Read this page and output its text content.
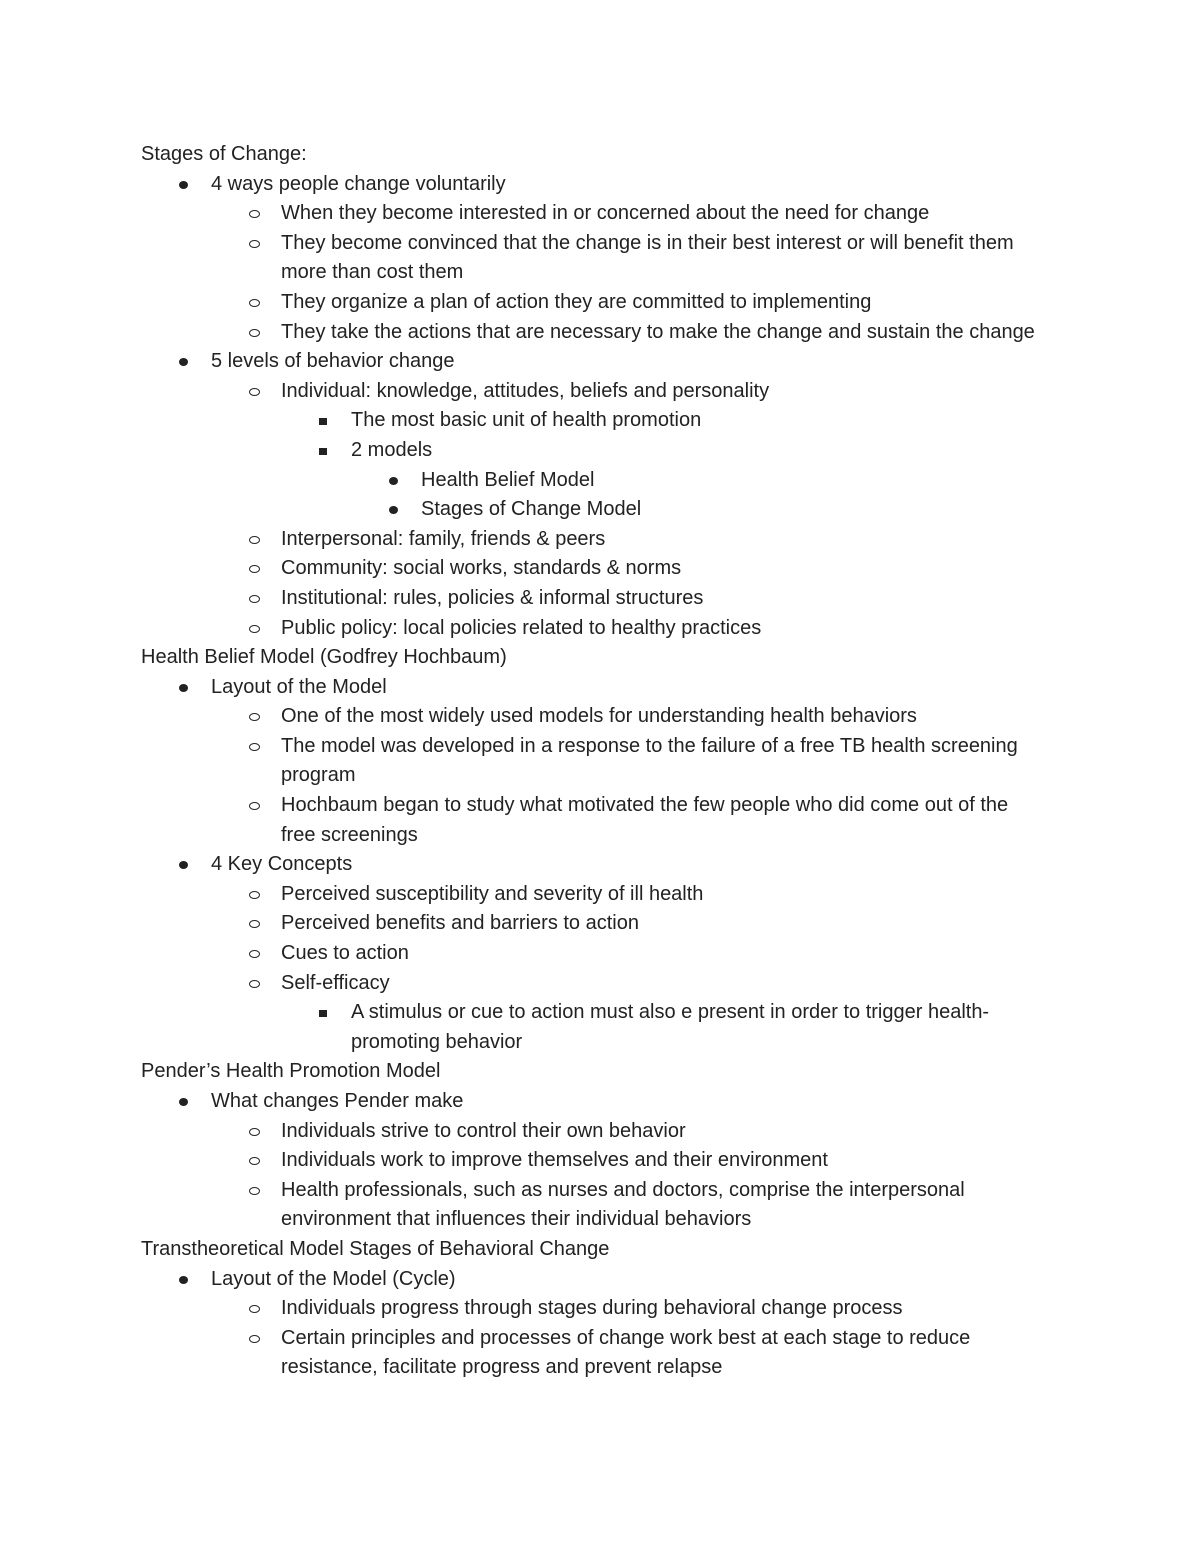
Stages of Change:
4 ways people change voluntarily
When they become interested in or concerned about the need for change
They become convinced that the change is in their best interest or will benefit them more than cost them
They organize a plan of action they are committed to implementing
They take the actions that are necessary to make the change and sustain the change
5 levels of behavior change
Individual: knowledge, attitudes, beliefs and personality
The most basic unit of health promotion
2 models
Health Belief Model
Stages of Change Model
Interpersonal: family, friends & peers
Community: social works, standards & norms
Institutional: rules, policies & informal structures
Public policy: local policies related to healthy practices
Health Belief Model (Godfrey Hochbaum)
Layout of the Model
One of the most widely used models for understanding health behaviors
The model was developed in a response to the failure of a free TB health screening program
Hochbaum began to study what motivated the few people who did come out of the free screenings
4 Key Concepts
Perceived susceptibility and severity of ill health
Perceived benefits and barriers to action
Cues to action
Self-efficacy
A stimulus or cue to action must also e present in order to trigger health-promoting behavior
Pender’s Health Promotion Model
What changes Pender make
Individuals strive to control their own behavior
Individuals work to improve themselves and their environment
Health professionals, such as nurses and doctors, comprise the interpersonal environment that influences their individual behaviors
Transtheoretical Model Stages of Behavioral Change
Layout of the Model (Cycle)
Individuals progress through stages during behavioral change process
Certain principles and processes of change work best at each stage to reduce resistance, facilitate progress and prevent relapse
